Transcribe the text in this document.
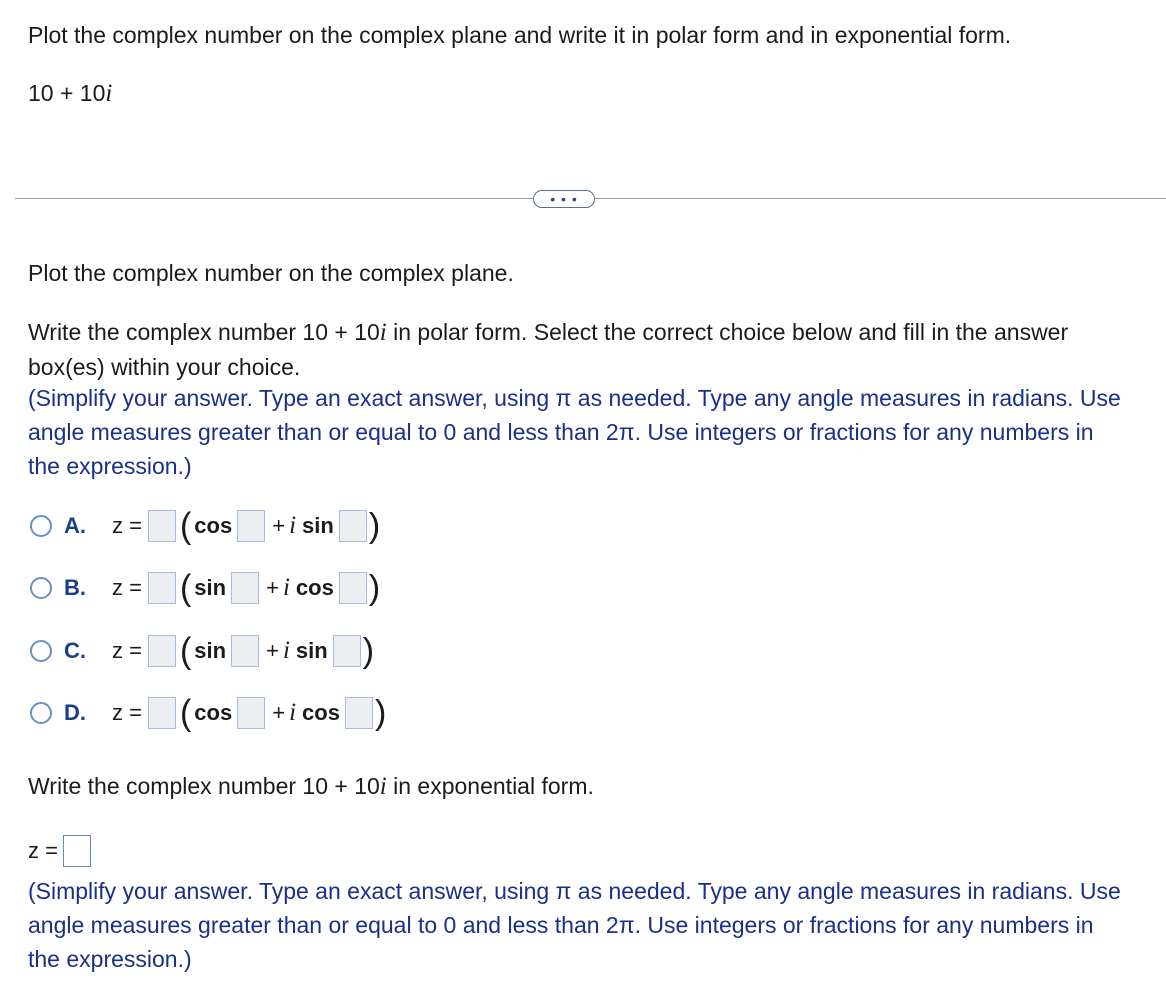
Plot the complex number on the complex plane and write it in polar form and in exponential form.
10 + 10i
• • •
Plot the complex number on the complex plane.
Write the complex number 10 + 10i in polar form. Select the correct choice below and fill in the answer box(es) within your choice.
(Simplify your answer. Type an exact answer, using π as needed. Type any angle measures in radians. Use angle measures greater than or equal to 0 and less than 2π. Use integers or fractions for any numbers in the expression.)
A.	z = ( cos + i sin )
B.	z = ( sin + i cos )
C.	z = ( sin + i sin )
D.	z = ( cos + i cos )
Write the complex number 10 + 10i in exponential form.
z =
(Simplify your answer. Type an exact answer, using π as needed. Type any angle measures in radians. Use angle measures greater than or equal to 0 and less than 2π. Use integers or fractions for any numbers in the expression.)
